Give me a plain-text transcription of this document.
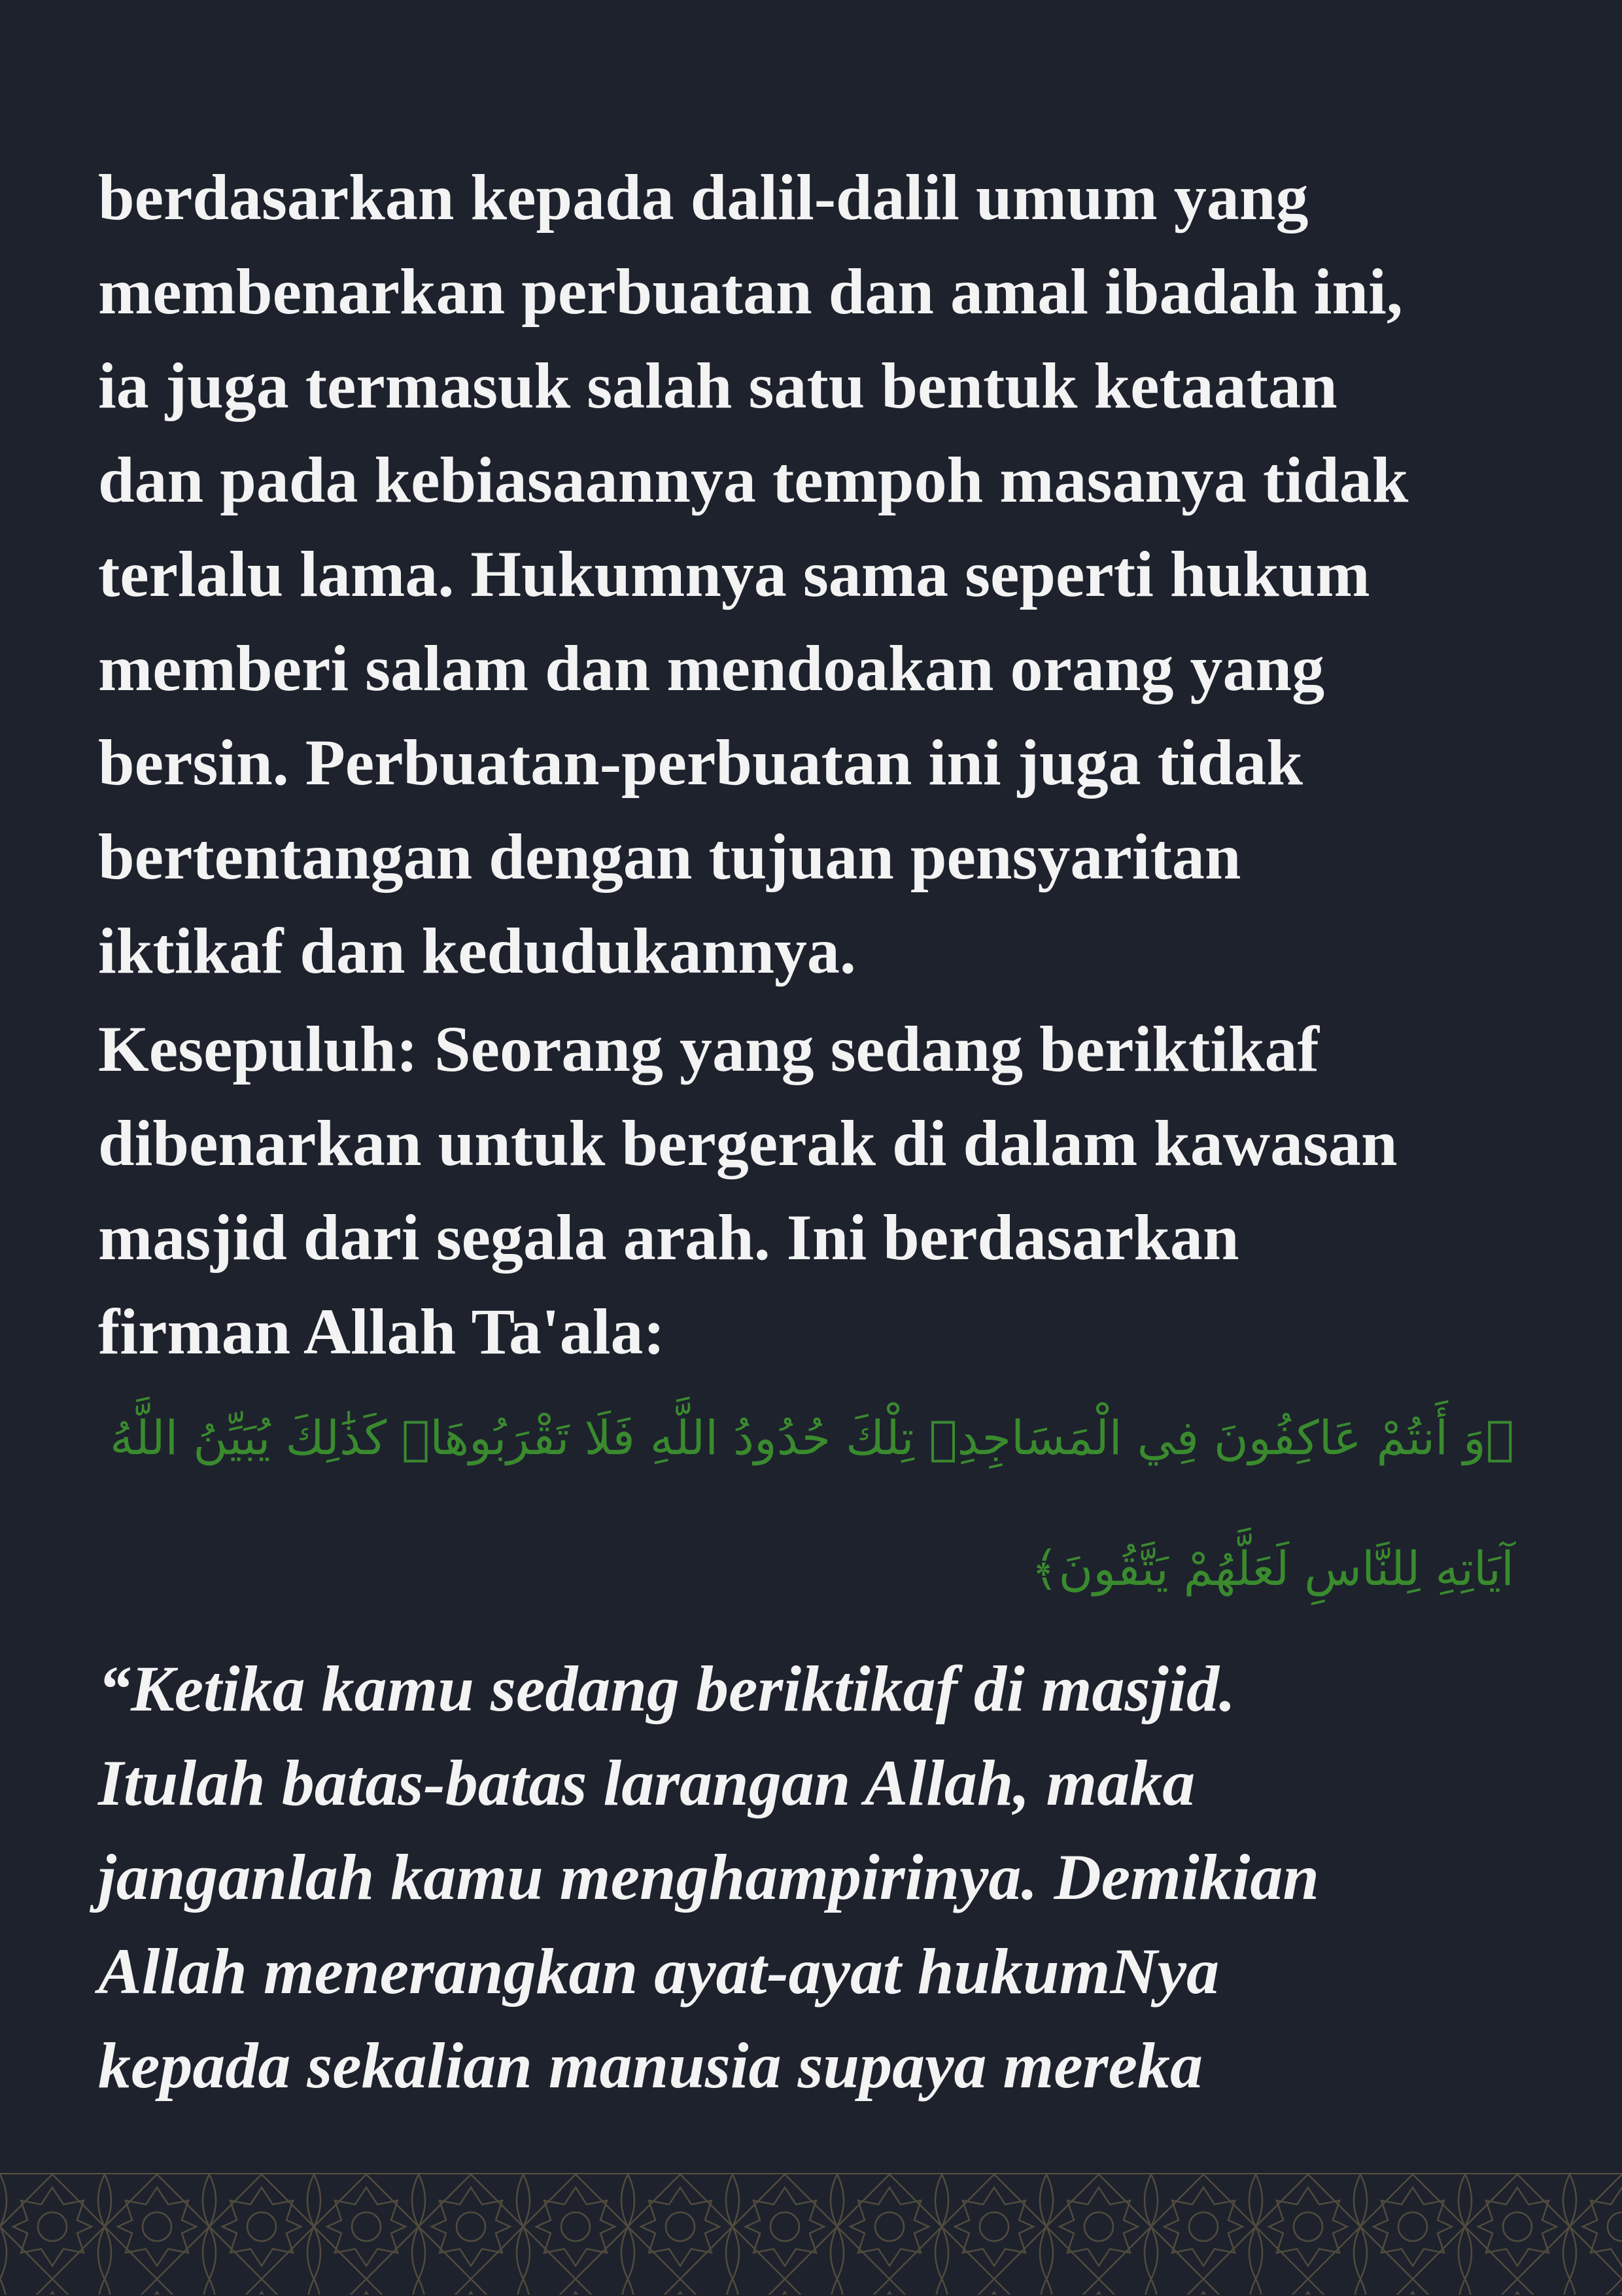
berdasarkan kepada dalil-dalil umum yang
membenarkan perbuatan dan amal ibadah ini,
ia juga termasuk salah satu bentuk ketaatan
dan pada kebiasaannya tempoh masanya tidak
terlalu lama. Hukumnya sama seperti hukum
memberi salam dan mendoakan orang yang
bersin. Perbuatan-perbuatan ini juga tidak
bertentangan dengan tujuan pensyaritan
iktikaf dan kedudukannya.

Kesepuluh: Seorang yang sedang beriktikaf
dibenarkan untuk bergerak di dalam kawasan
masjid dari segala arah. Ini berdasarkan
firman Allah Ta'ala:

﴿وَ أَنتُمْ عَاكِفُونَ فِي الْمَسَاجِدِۗ تِلْكَ حُدُودُ اللَّهِ فَلَا تَقْرَبُوهَاۗ كَذَٰلِكَ يُبَيِّنُ اللَّهُ
آيَاتِهِ لِلنَّاسِ لَعَلَّهُمْ يَتَّقُونَ﴾

“Ketika kamu sedang beriktikaf di masjid.
Itulah batas-batas larangan Allah, maka
janganlah kamu menghampirinya. Demikian
Allah menerangkan ayat-ayat hukumNya
kepada sekalian manusia supaya mereka
